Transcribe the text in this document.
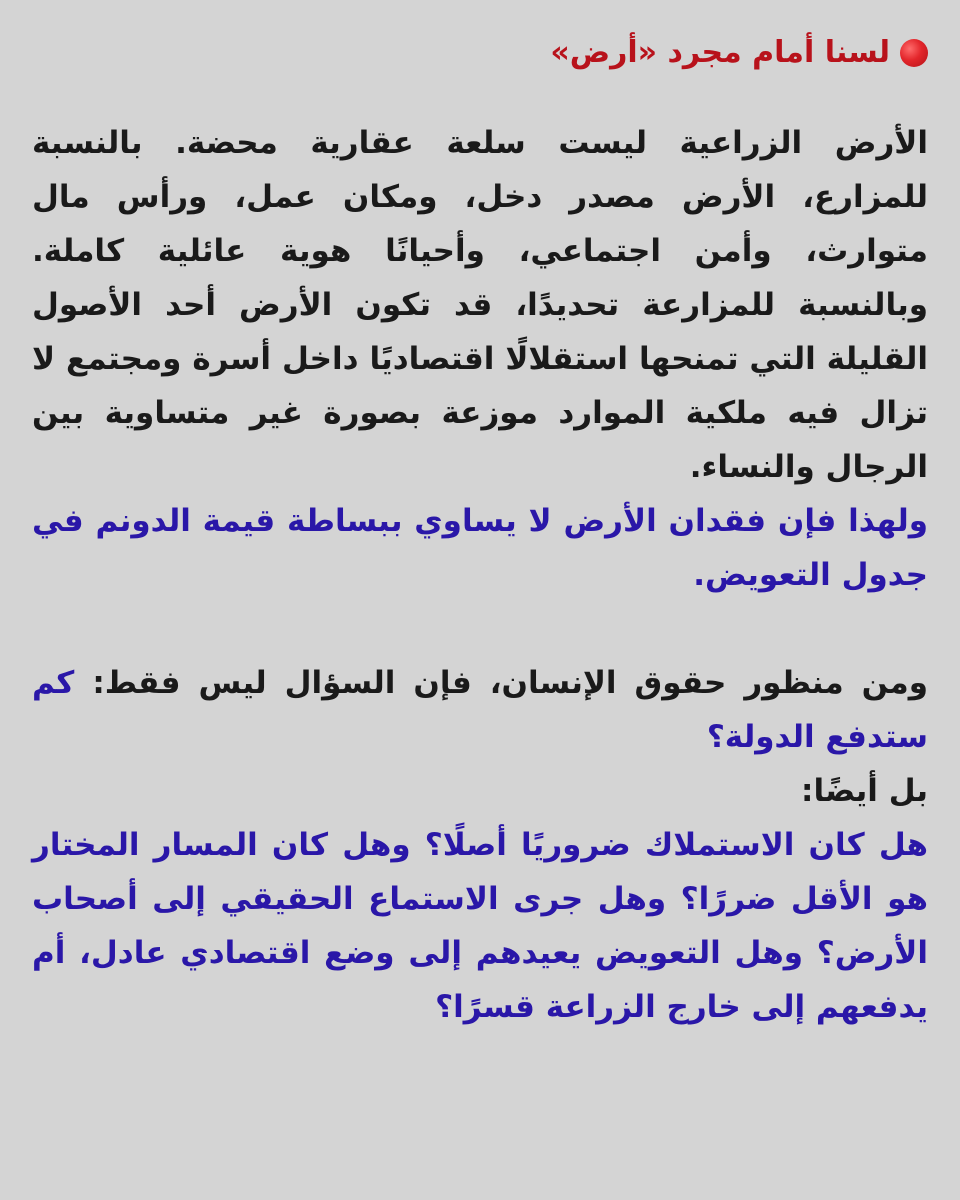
لسنا أمام مجرد «أرض»

الأرض الزراعية ليست سلعة عقارية محضة. بالنسبة للمزارع، الأرض مصدر دخل، ومكان عمل، ورأس مال متوارث، وأمن اجتماعي، وأحيانًا هوية عائلية كاملة. وبالنسبة للمزارعة تحديدًا، قد تكون الأرض أحد الأصول القليلة التي تمنحها استقلالًا اقتصاديًا داخل أسرة ومجتمع لا تزال فيه ملكية الموارد موزعة بصورة غير متساوية بين الرجال والنساء.

ولهذا فإن فقدان الأرض لا يساوي ببساطة قيمة الدونم في جدول التعويض.

ومن منظور حقوق الإنسان، فإن السؤال ليس فقط: كم ستدفع الدولة؟

بل أيضًا:

هل كان الاستملاك ضروريًا أصلًا؟ وهل كان المسار المختار هو الأقل ضررًا؟ وهل جرى الاستماع الحقيقي إلى أصحاب الأرض؟ وهل التعويض يعيدهم إلى وضع اقتصادي عادل، أم يدفعهم إلى خارج الزراعة قسرًا؟
